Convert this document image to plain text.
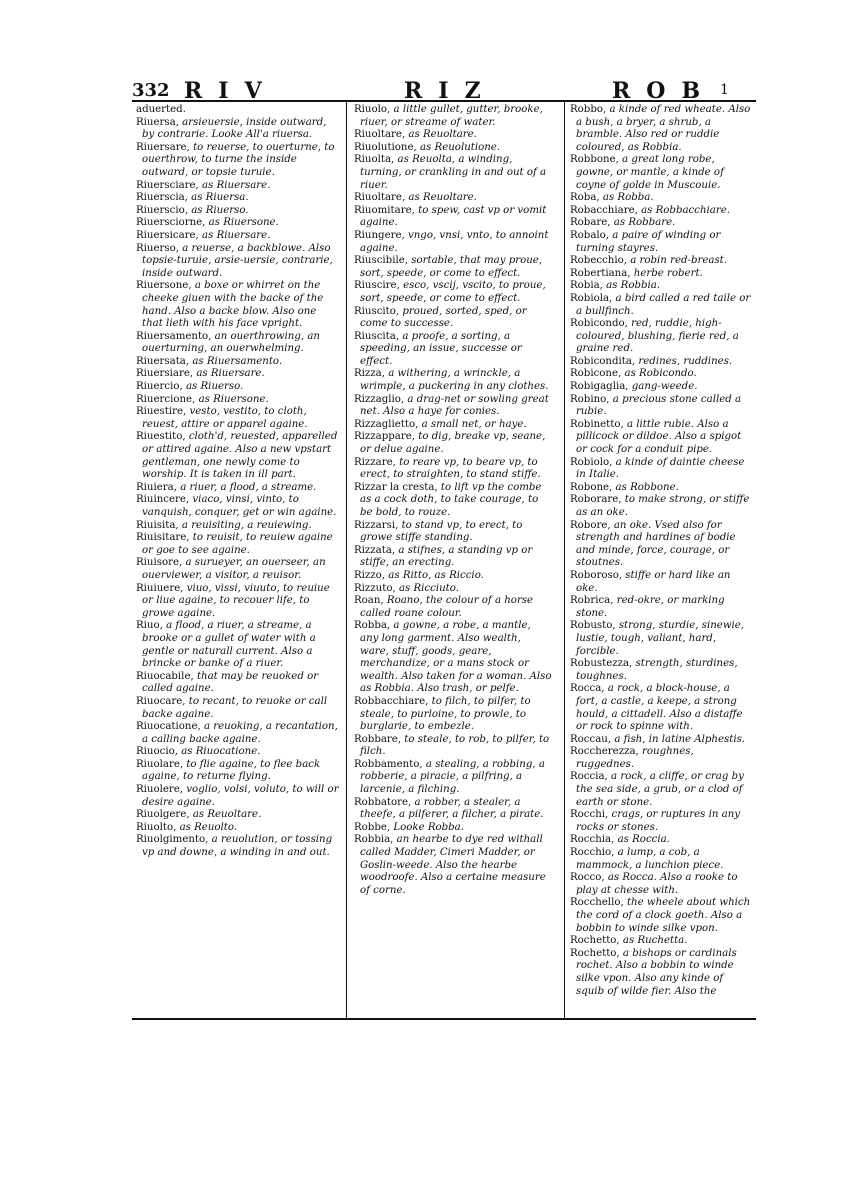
332 RIV	RIZ	ROB 1

aduerted.

Riuersa, arsieuersie, inside outward, by contrarie. Looke All'a riuersa.

Riuersare, to reuerse, to ouerturne, to ouerthrow, to turne the inside outward, or topsie turuie.

Riuersciare, as Riuersare.

Riuerscia, as Riuersa.

Riuerscio, as Riuerso.

Riuersciorne, as Riuersone.

Riuersicare, as Riuersare.

Riuerso, a reuerse, a backblowe. Also topsie-turuie, arsie-uersie, contrarie, inside outward.

Riuersone, a boxe or whirret on the cheeke giuen with the backe of the hand. Also a backe blow. Also one that lieth with his face vpright.

Riuersamento, an ouerthrowing, an ouerturning, an ouerwhelming.

Riuersata, as Riuersamento.

Riuersiare, as Riuersare.

Riuercio, as Riuerso.

Riuercione, as Riuersone.

Riuestire, vesto, vestito, to cloth, reuest, attire or apparel againe.

Riuestito, cloth'd, reuested, apparelled or attired againe. Also a new vpstart gentleman, one newly come to worship. It is taken in ill part.

Riuiera, a riuer, a flood, a streame.

Riuincere, viaco, vinsi, vinto, to vanquish, conquer, get or win againe.

Riuisita, a reuisiting, a reuiewing.

Riuisitare, to reuisit, to reuiew againe or goe to see againe.

Riuisore, a surueyer, an ouerseer, an ouerviewer, a visitor, a reuisor.

Riuiuere, viuo, vissi, viuuto, to reuiue or liue againe, to recouer life, to growe againe.

Riuo, a flood, a riuer, a streame, a brooke or a gullet of water with a gentle or naturall current. Also a brincke or banke of a riuer.

Riuocabile, that may be reuoked or called againe.

Riuocare, to recant, to reuoke or call backe againe.

Riuocatione, a reuoking, a recantation, a calling backe againe.

Riuocio, as Riuocatione.

Riuolare, to flie againe, to flee back againe, to returne flying.

Riuolere, voglio, volsi, voluto, to will or desire againe.

Riuolgere, as Reuoltare.

Riuolto, as Reuolto.

Riuolgimento, a reuolution, or tossing vp and downe, a winding in and out.

Riuolo, a little gullet, gutter, brooke, riuer, or streame of water.

Riuoltare, as Reuoltare.

Riuolutione, as Reuolutione.

Riuolta, as Reuolta, a winding, turning, or crankling in and out of a riuer.

Riuoltare, as Reuoltare.

Riuomitare, to spew, cast vp or vomit againe.

Riungere, vngo, vnsi, vnto, to annoint againe.

Riuscibile, sortable, that may proue, sort, speede, or come to effect.

Riuscire, esco, vscij, vscito, to proue, sort, speede, or come to effect.

Riuscito, proued, sorted, sped, or come to successe.

Riuscita, a proofe, a sorting, a speeding, an issue, successe or effect.

Rizza, a withering, a wrinckle, a wrimple, a puckering in any clothes.

Rizzaglio, a drag-net or sowling great net. Also a haye for conies.

Rizzaglietto, a small net, or haye.

Rizzappare, to dig, breake vp, seane, or delue againe.

Rizzare, to reare vp, to beare vp, to erect, to straighten, to stand stiffe.

Rizzar la cresta, to lift vp the combe as a cock doth, to take courage, to be bold, to rouze.

Rizzarsi, to stand vp, to erect, to growe stiffe standing.

Rizzata, a stifnes, a standing vp or stiffe, an erecting.

Rizzo, as Ritto, as Riccio.

Rizzuto, as Ricciuto.

Roan, Roano, the colour of a horse called roane colour.

Robba, a gowne, a robe, a mantle, any long garment. Also wealth, ware, stuff, goods, geare, merchandize, or a mans stock or wealth. Also taken for a woman. Also as Robbia. Also trash, or pelfe.

Robbacchiare, to filch, to pilfer, to steale, to purloine, to prowle, to burglarie, to embezle.

Robbare, to steale, to rob, to pilfer, to filch.

Robbamento, a stealing, a robbing, a robberie, a piracie, a pilfring, a larcenie, a filching.

Robbatore, a robber, a stealer, a theefe, a pilferer, a filcher, a pirate.

Robbe, Looke Robba.

Robbia, an hearbe to dye red withall called Madder, Cimeri Madder, or Goslin-weede. Also the hearbe woodroofe. Also a certaine measure of corne.

Robbo, a kinde of red wheate. Also a bush, a bryer, a shrub, a bramble. Also red or ruddie coloured, as Robbia.

Robbone, a great long robe, gowne, or mantle, a kinde of coyne of golde in Muscouie.

Roba, as Robba.

Robacchiare, as Robbacchiare.

Robare, as Robbare.

Robalo, a paire of winding or turning stayres.

Robecchio, a robin red-breast.

Robertiana, herbe robert.

Robia, as Robbia.

Robiola, a bird called a red taile or a bullfinch.

Robicondo, red, ruddie, high-coloured, blushing, fierie red, a graine red.

Robicondita, redines, ruddines.

Robicone, as Robicondo.

Robigaglia, gang-weede.

Robino, a precious stone called a rubie.

Robinetto, a little rubie. Also a pillicock or dildoe. Also a spigot or cock for a conduit pipe.

Robiolo, a kinde of daintie cheese in Italie.

Robone, as Robbone.

Roborare, to make strong, or stiffe as an oke.

Robore, an oke. Vsed also for strength and hardines of bodie and minde, force, courage, or stoutnes.

Roboroso, stiffe or hard like an oke.

Robrica, red-okre, or marking stone.

Robusto, strong, sturdie, sinewie, lustie, tough, valiant, hard, forcible.

Robustezza, strength, sturdines, toughnes.

Rocca, a rock, a block-house, a fort, a castle, a keepe, a strong hould, a cittadell. Also a distaffe or rock to spinne with.

Roccau, a fish, in latine Alphestis.

Roccherezza, roughnes, ruggednes.

Roccia, a rock, a cliffe, or crag by the sea side, a grub, or a clod of earth or stone.

Rocchi, crags, or ruptures in any rocks or stones.

Rocchia, as Roccia.

Rocchio, a lump, a cob, a mammock, a lunchion piece.

Rocco, as Rocca. Also a rooke to play at chesse with.

Rocchello, the wheele about which the cord of a clock goeth. Also a bobbin to winde silke vpon.

Rochetto, as Ruchetta.

Rochetto, a bishops or cardinals rochet. Also a bobbin to winde silke vpon. Also any kinde of squib of wilde fier. Also the
